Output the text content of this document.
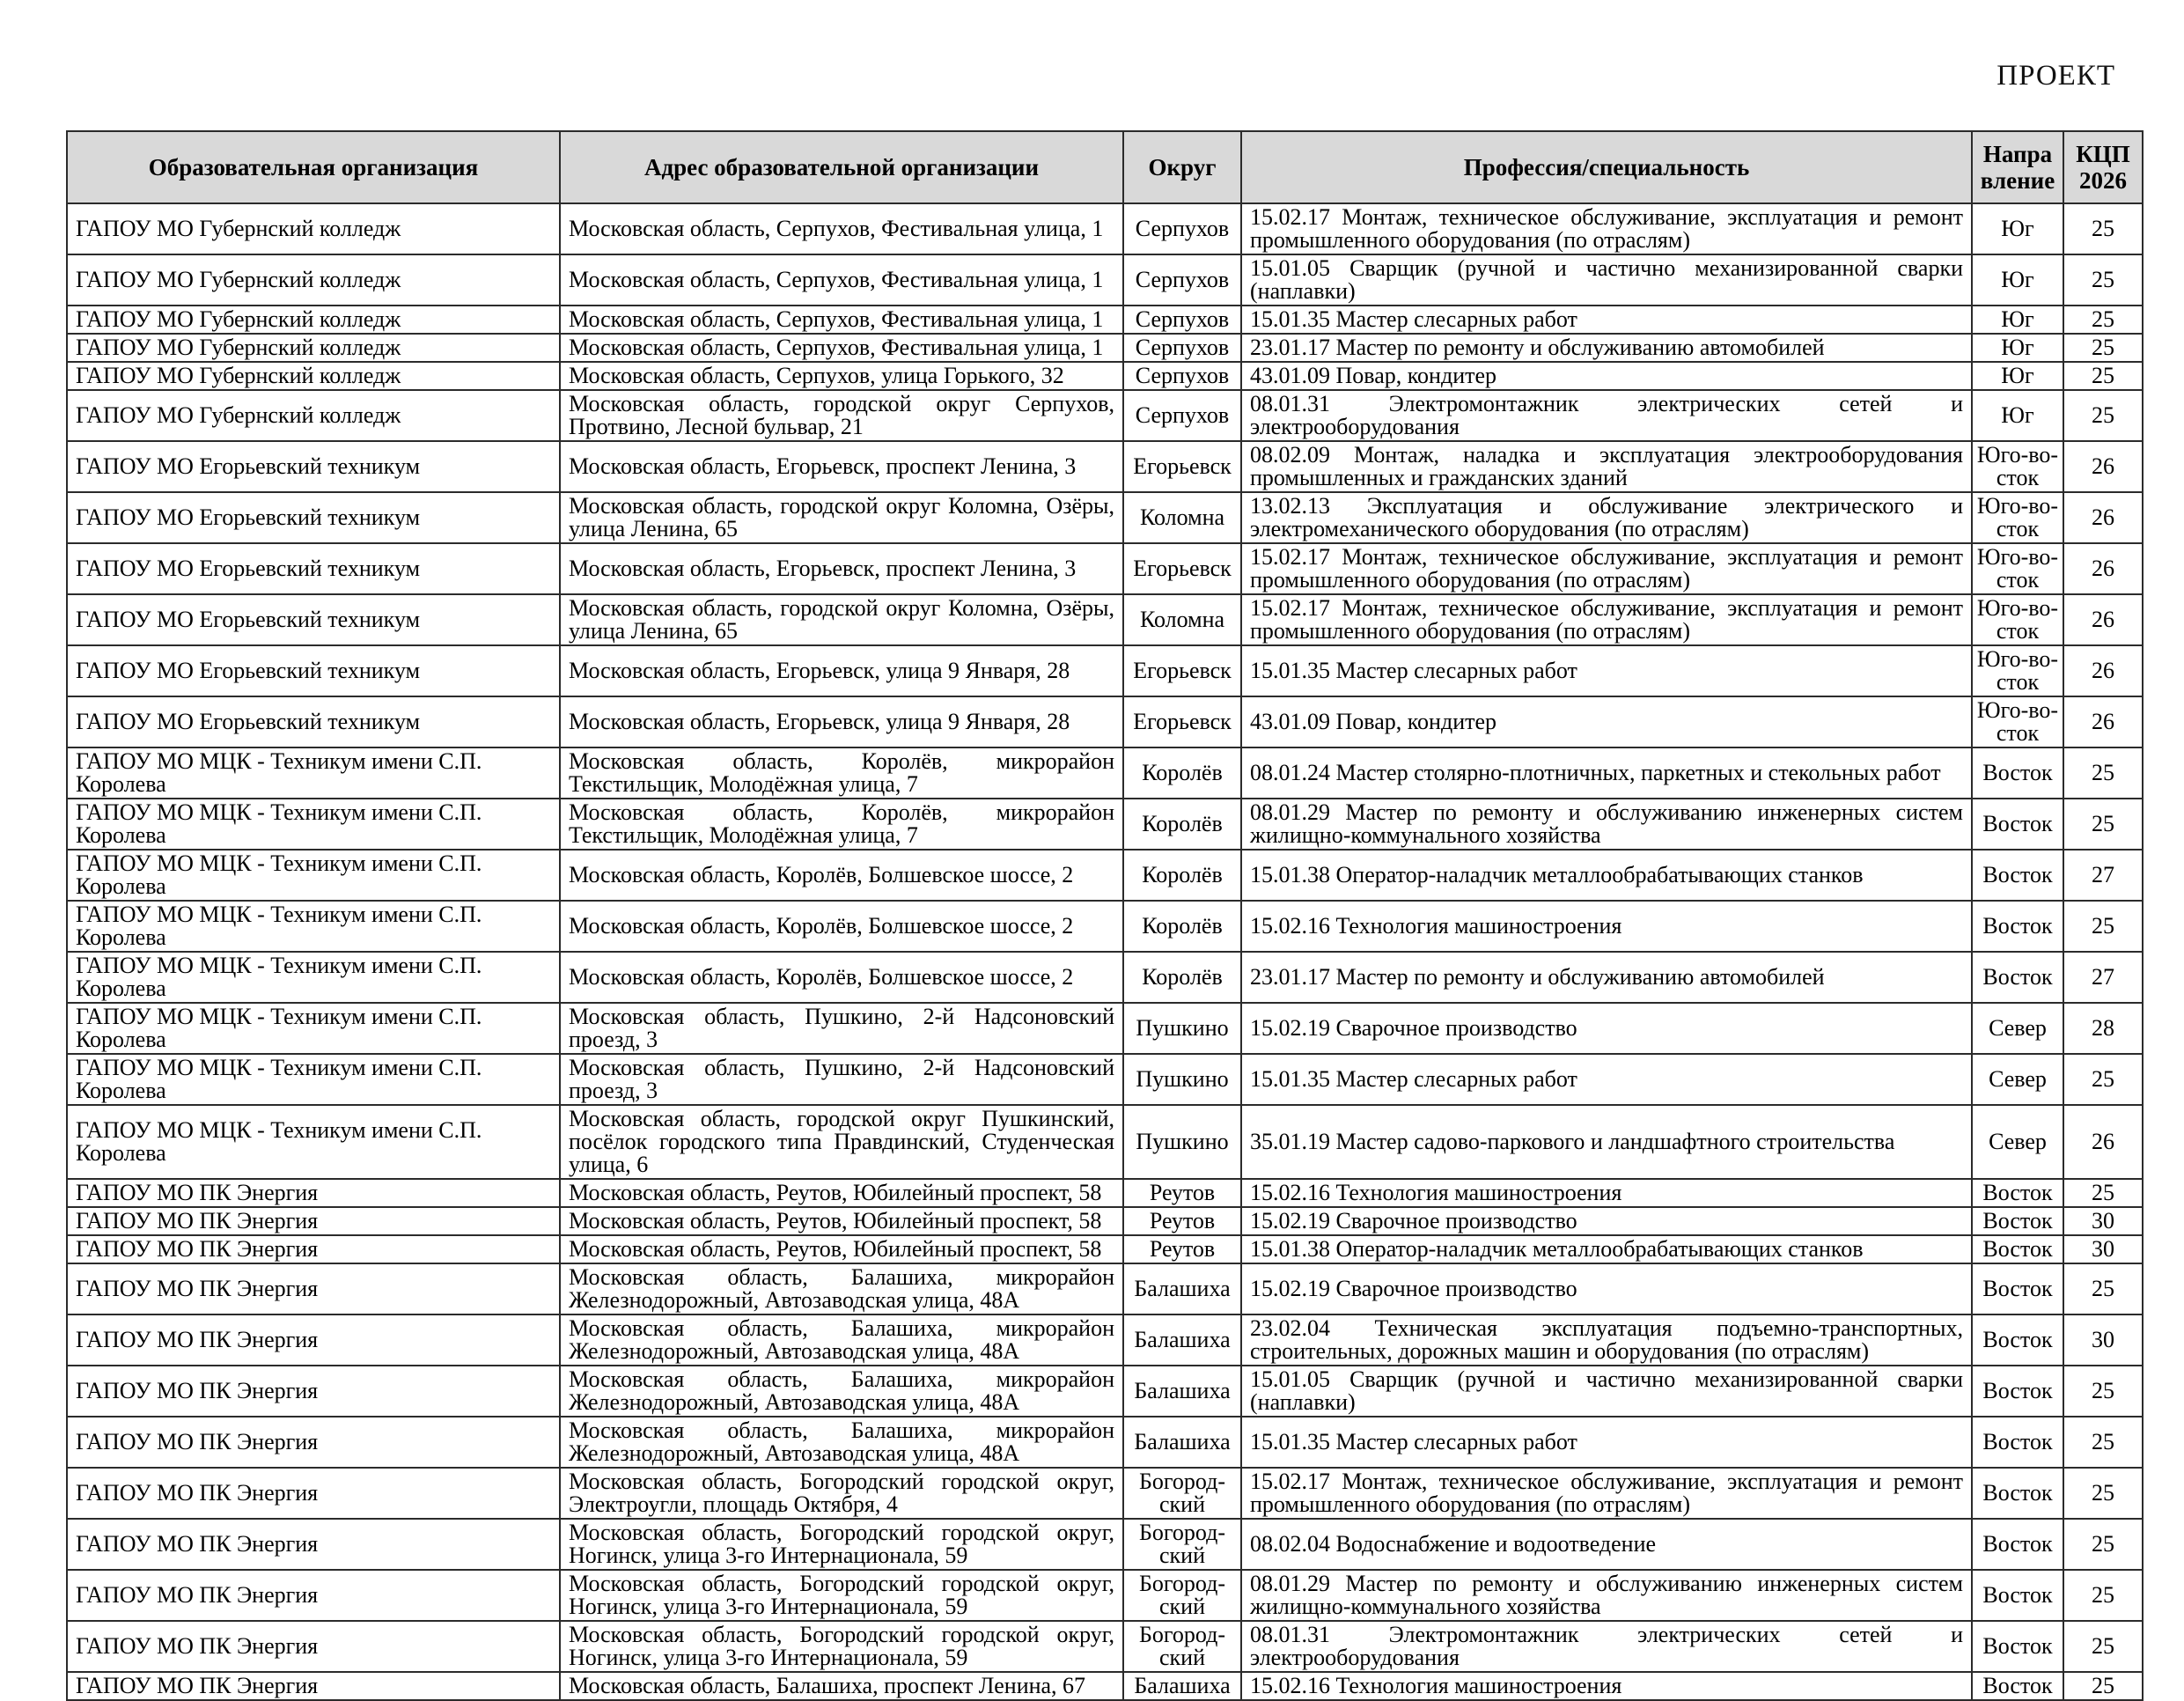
ПРОЕКТ
Образовательная организация	Адрес образовательной организации	Округ	Профессия/специальность	Напра​вление	КЦП 2026
ГАПОУ МО Губернский колледж	Московская область, Серпухов, Фестивальная улица, 1	Серпухов	15.02.17 Монтаж, техническое обслуживание, эксплуатация и ремонт промышленного оборудования (по отраслям)	Юг	25
ГАПОУ МО Губернский колледж	Московская область, Серпухов, Фестивальная улица, 1	Серпухов	15.01.05 Сварщик (ручной и частично механизированной сварки (наплавки)	Юг	25
ГАПОУ МО Губернский колледж	Московская область, Серпухов, Фестивальная улица, 1	Серпухов	15.01.35 Мастер слесарных работ	Юг	25
ГАПОУ МО Губернский колледж	Московская область, Серпухов, Фестивальная улица, 1	Серпухов	23.01.17 Мастер по ремонту и обслуживанию автомобилей	Юг	25
ГАПОУ МО Губернский колледж	Московская область, Серпухов, улица Горького, 32	Серпухов	43.01.09 Повар, кондитер	Юг	25
ГАПОУ МО Губернский колледж	Московская область, городской округ Серпухов, Протвино, Лесной бульвар, 21	Серпухов	08.01.31 Электромонтажник электрических сетей и электрооборудования	Юг	25
ГАПОУ МО Егорьевский техникум	Московская область, Егорьевск, проспект Ленина, 3	Егорьевск	08.02.09 Монтаж, наладка и эксплуатация электрооборудования промышленных и гражданских зданий	Юго-восток	26
ГАПОУ МО Егорьевский техникум	Московская область, городской округ Коломна, Озёры, улица Ленина, 65	Коломна	13.02.13 Эксплуатация и обслуживание электрического и электромеханического оборудования (по отраслям)	Юго-восток	26
ГАПОУ МО Егорьевский техникум	Московская область, Егорьевск, проспект Ленина, 3	Егорьевск	15.02.17 Монтаж, техническое обслуживание, эксплуатация и ремонт промышленного оборудования (по отраслям)	Юго-восток	26
ГАПОУ МО Егорьевский техникум	Московская область, городской округ Коломна, Озёры, улица Ленина, 65	Коломна	15.02.17 Монтаж, техническое обслуживание, эксплуатация и ремонт промышленного оборудования (по отраслям)	Юго-восток	26
ГАПОУ МО Егорьевский техникум	Московская область, Егорьевск, улица 9 Января, 28	Егорьевск	15.01.35 Мастер слесарных работ	Юго-восток	26
ГАПОУ МО Егорьевский техникум	Московская область, Егорьевск, улица 9 Января, 28	Егорьевск	43.01.09 Повар, кондитер	Юго-восток	26
ГАПОУ МО МЦК - Техникум имени С.П. Королева	Московская область, Королёв, микрорайон Текстильщик, Молодёжная улица, 7	Королёв	08.01.24 Мастер столярно-плотничных, паркетных и стекольных работ	Восток	25
ГАПОУ МО МЦК - Техникум имени С.П. Королева	Московская область, Королёв, микрорайон Текстильщик, Молодёжная улица, 7	Королёв	08.01.29 Мастер по ремонту и обслуживанию инженерных систем жилищно-коммунального хозяйства	Восток	25
ГАПОУ МО МЦК - Техникум имени С.П. Королева	Московская область, Королёв, Болшевское шоссе, 2	Королёв	15.01.38 Оператор-наладчик металлообрабатывающих станков	Восток	27
ГАПОУ МО МЦК - Техникум имени С.П. Королева	Московская область, Королёв, Болшевское шоссе, 2	Королёв	15.02.16 Технология машиностроения	Восток	25
ГАПОУ МО МЦК - Техникум имени С.П. Королева	Московская область, Королёв, Болшевское шоссе, 2	Королёв	23.01.17 Мастер по ремонту и обслуживанию автомобилей	Восток	27
ГАПОУ МО МЦК - Техникум имени С.П. Королева	Московская область, Пушкино, 2-й Надсоновский проезд, 3	Пушкино	15.02.19 Сварочное производство	Север	28
ГАПОУ МО МЦК - Техникум имени С.П. Королева	Московская область, Пушкино, 2-й Надсоновский проезд, 3	Пушкино	15.01.35 Мастер слесарных работ	Север	25
ГАПОУ МО МЦК - Техникум имени С.П. Королева	Московская область, городской округ Пушкинский, посёлок городского типа Правдинский, Студенческая улица, 6	Пушкино	35.01.19 Мастер садово-паркового и ландшафтного строительства	Север	26
ГАПОУ МО ПК Энергия	Московская область, Реутов, Юбилейный проспект, 58	Реутов	15.02.16 Технология машиностроения	Восток	25
ГАПОУ МО ПК Энергия	Московская область, Реутов, Юбилейный проспект, 58	Реутов	15.02.19 Сварочное производство	Восток	30
ГАПОУ МО ПК Энергия	Московская область, Реутов, Юбилейный проспект, 58	Реутов	15.01.38 Оператор-наладчик металлообрабатывающих станков	Восток	30
ГАПОУ МО ПК Энергия	Московская область, Балашиха, микрорайон Железнодорожный, Автозаводская улица, 48А	Балашиха	15.02.19 Сварочное производство	Восток	25
ГАПОУ МО ПК Энергия	Московская область, Балашиха, микрорайон Железнодорожный, Автозаводская улица, 48А	Балашиха	23.02.04 Техническая эксплуатация подъемно-транспортных, строительных, дорожных машин и оборудования (по отраслям)	Восток	30
ГАПОУ МО ПК Энергия	Московская область, Балашиха, микрорайон Железнодорожный, Автозаводская улица, 48А	Балашиха	15.01.05 Сварщик (ручной и частично механизированной сварки (наплавки)	Восток	25
ГАПОУ МО ПК Энергия	Московская область, Балашиха, микрорайон Железнодорожный, Автозаводская улица, 48А	Балашиха	15.01.35 Мастер слесарных работ	Восток	25
ГАПОУ МО ПК Энергия	Московская область, Богородский городской округ, Электроугли, площадь Октября, 4	Богородский	15.02.17 Монтаж, техническое обслуживание, эксплуатация и ремонт промышленного оборудования (по отраслям)	Восток	25
ГАПОУ МО ПК Энергия	Московская область, Богородский городской округ, Ногинск, улица 3-го Интернационала, 59	Богородский	08.02.04 Водоснабжение и водоотведение	Восток	25
ГАПОУ МО ПК Энергия	Московская область, Богородский городской округ, Ногинск, улица 3-го Интернационала, 59	Богородский	08.01.29 Мастер по ремонту и обслуживанию инженерных систем жилищно-коммунального хозяйства	Восток	25
ГАПОУ МО ПК Энергия	Московская область, Богородский городской округ, Ногинск, улица 3-го Интернационала, 59	Богородский	08.01.31 Электромонтажник электрических сетей и электрооборудования	Восток	25
ГАПОУ МО ПК Энергия	Московская область, Балашиха, проспект Ленина, 67	Балашиха	15.02.16 Технология машиностроения	Восток	25
